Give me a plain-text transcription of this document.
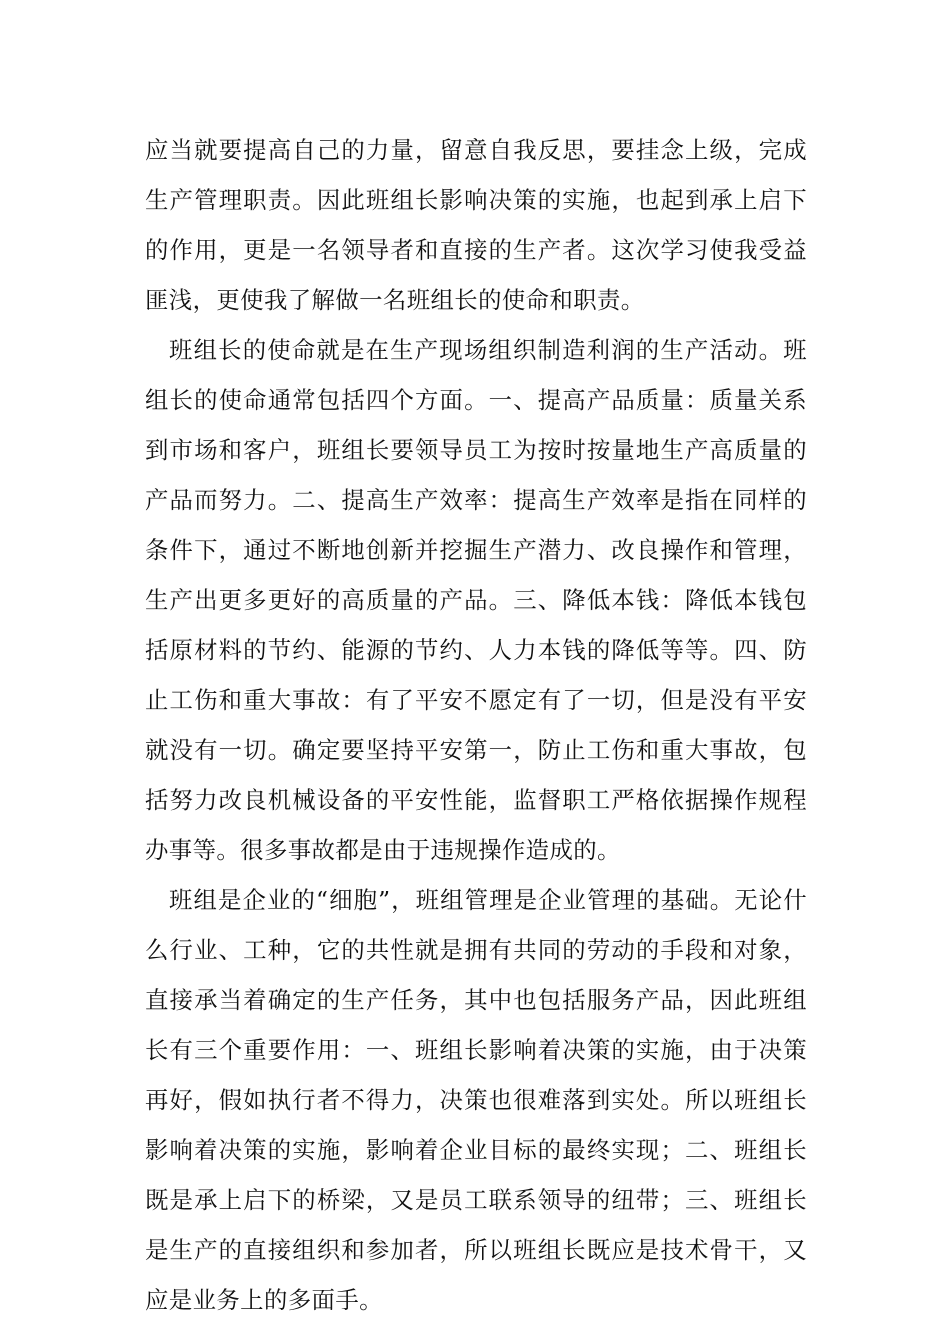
应当就要提高自己的力量，留意自我反思，要挂念上级，完成生产管理职责。因此班组长影响决策的实施，也起到承上启下的作用，更是一名领导者和直接的生产者。这次学习使我受益匪浅，更使我了解做一名班组长的使命和职责。

班组长的使命就是在生产现场组织制造利润的生产活动。班组长的使命通常包括四个方面。一、提高产品质量：质量关系到市场和客户，班组长要领导员工为按时按量地生产高质量的产品而努力。二、提高生产效率：提高生产效率是指在同样的条件下，通过不断地创新并挖掘生产潜力、改良操作和管理，生产出更多更好的高质量的产品。三、降低本钱：降低本钱包括原材料的节约、能源的节约、人力本钱的降低等等。四、防止工伤和重大事故：有了平安不愿定有了一切，但是没有平安就没有一切。确定要坚持平安第一，防止工伤和重大事故，包括努力改良机械设备的平安性能，监督职工严格依据操作规程办事等。很多事故都是由于违规操作造成的。

班组是企业的“细胞”，班组管理是企业管理的基础。无论什么行业、工种，它的共性就是拥有共同的劳动的手段和对象，直接承当着确定的生产任务，其中也包括服务产品，因此班组长有三个重要作用：一、班组长影响着决策的实施，由于决策再好，假如执行者不得力，决策也很难落到实处。所以班组长影响着决策的实施，影响着企业目标的最终实现；二、班组长既是承上启下的桥梁，又是员工联系领导的纽带；三、班组长是生产的直接组织和参加者，所以班组长既应是技术骨干，又应是业务上的多面手。
